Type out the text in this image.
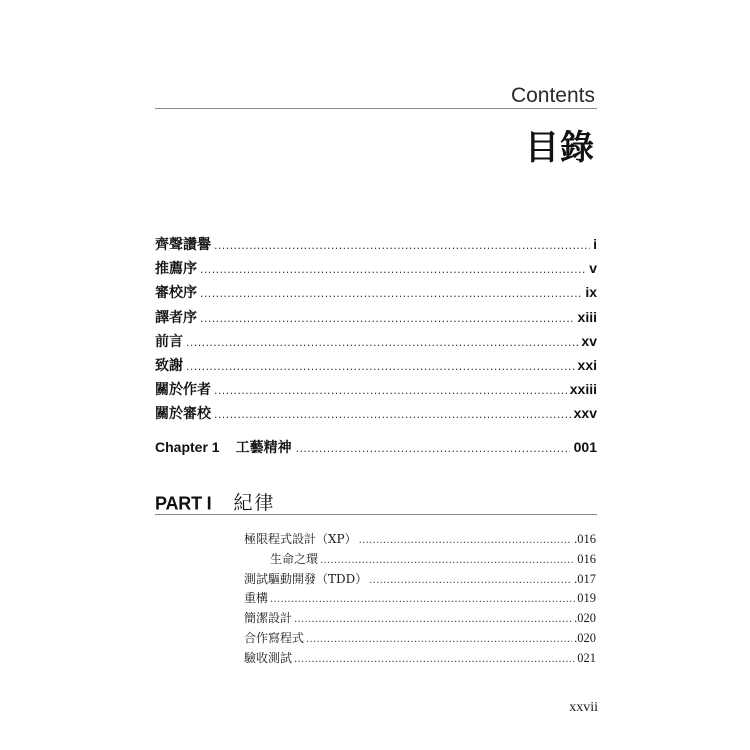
Contents
目錄
齊聲讚譽 .....	i
推薦序 .....	v
審校序 .....	ix
譯者序 .....	xiii
前言 .....	xv
致謝 .....	xxi
關於作者 .....	xxiii
關於審校 .....	xxv
Chapter 1 工藝精神 .....	001
PART I 紀律
極限程式設計（XP） .....	.016
生命之環 .....	016
測試驅動開發（TDD） .....	.017
重構 .....	019
簡潔設計 .....	.020
合作寫程式 .....	.020
驗收測試 .....	021
xxvii
